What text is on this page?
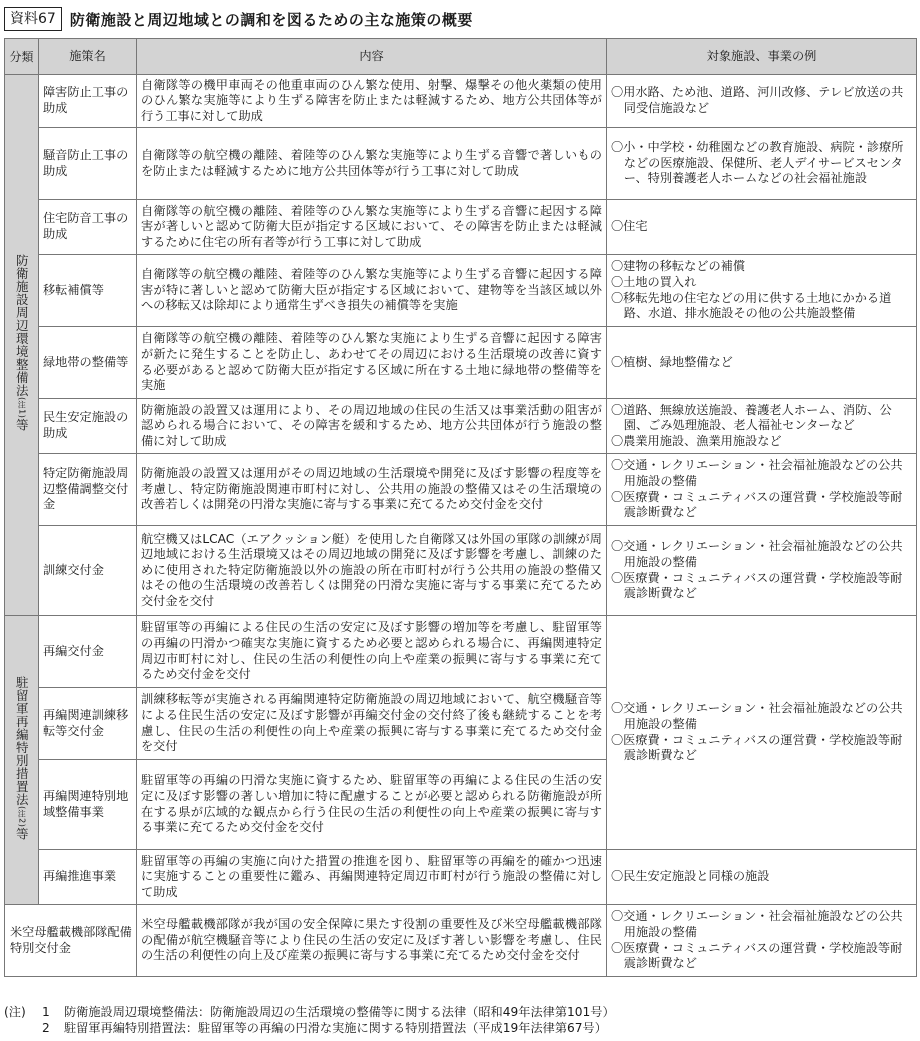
資料67 防衛施設と周辺地域との調和を図るための主な施策の概要
分類	施策名	内容	対象施設、事業の例
防衛施設周辺環境整備法(注1)等	障害防止工事の助成	自衛隊等の機甲車両その他重車両のひん繁な使用、射撃、爆撃その他火薬類の使用のひん繁な実施等により生ずる障害を防止または軽減するため、地方公共団体等が行う工事に対して助成	〇用水路、ため池、道路、河川改修、テレビ放送の共同受信施設など

	騒音防止工事の助成	自衛隊等の航空機の離陸、着陸等のひん繁な実施等により生ずる音響で著しいものを防止または軽減するために地方公共団体等が行う工事に対して助成	〇小・中学校・幼稚園などの教育施設、病院・診療所などの医療施設、保健所、老人デイサービスセンター、特別養護老人ホームなどの社会福祉施設

	住宅防音工事の助成	自衛隊等の航空機の離陸、着陸等のひん繁な実施等により生ずる音響に起因する障害が著しいと認めて防衛大臣が指定する区域において、その障害を防止または軽減するために住宅の所有者等が行う工事に対して助成	〇住宅

	移転補償等	自衛隊等の航空機の離陸、着陸等のひん繁な実施等により生ずる音響に起因する障害が特に著しいと認めて防衛大臣が指定する区域において、建物等を当該区域以外への移転又は除却により通常生ずべき損失の補償等を実施	〇建物の移転などの補償
〇土地の買入れ
〇移転先地の住宅などの用に供する土地にかかる道路、水道、排水施設その他の公共施設整備

	緑地帯の整備等	自衛隊等の航空機の離陸、着陸等のひん繁な実施により生ずる音響に起因する障害が新たに発生することを防止し、あわせてその周辺における生活環境の改善に資する必要があると認めて防衛大臣が指定する区域に所在する土地に緑地帯の整備等を実施	〇植樹、緑地整備など

	民生安定施設の助成	防衛施設の設置又は運用により、その周辺地域の住民の生活又は事業活動の阻害が認められる場合において、その障害を緩和するため、地方公共団体が行う施設の整備に対して助成	〇道路、無線放送施設、養護老人ホーム、消防、公園、ごみ処理施設、老人福祉センターなど
〇農業用施設、漁業用施設など

	特定防衛施設周辺整備調整交付金	防衛施設の設置又は運用がその周辺地域の生活環境や開発に及ぼす影響の程度等を考慮し、特定防衛施設関連市町村に対し、公共用の施設の整備又はその生活環境の改善若しくは開発の円滑な実施に寄与する事業に充てるため交付金を交付	〇交通・レクリエーション・社会福祉施設などの公共用施設の整備
〇医療費・コミュニティバスの運営費・学校施設等耐震診断費など

	訓練交付金	航空機又はLCAC（エアクッション艇）を使用した自衛隊又は外国の軍隊の訓練が周辺地域における生活環境又はその周辺地域の開発に及ぼす影響を考慮し、訓練のために使用された特定防衛施設以外の施設の所在市町村が行う公共用の施設の整備又はその他の生活環境の改善若しくは開発の円滑な実施に寄与する事業に充てるため交付金を交付	〇交通・レクリエーション・社会福祉施設などの公共用施設の整備
〇医療費・コミュニティバスの運営費・学校施設等耐震診断費など

駐留軍再編特別措置法(注2)等	再編交付金	駐留軍等の再編による住民の生活の安定に及ぼす影響の増加等を考慮し、駐留軍等の再編の円滑かつ確実な実施に資するため必要と認められる場合に、再編関連特定周辺市町村に対し、住民の生活の利便性の向上や産業の振興に寄与する事業に充てるため交付金を交付	〇交通・レクリエーション・社会福祉施設などの公共用施設の整備
〇医療費・コミュニティバスの運営費・学校施設等耐震診断費など

	再編関連訓練移転等交付金	訓練移転等が実施される再編関連特定防衛施設の周辺地域において、航空機騒音等による住民生活の安定に及ぼす影響が再編交付金の交付終了後も継続することを考慮し、住民の生活の利便性の向上や産業の振興に寄与する事業に充てるため交付金を交付	
	再編関連特別地域整備事業	駐留軍等の再編の円滑な実施に資するため、駐留軍等の再編による住民の生活の安定に及ぼす影響の著しい増加に特に配慮することが必要と認められる防衛施設が所在する県が広域的な観点から行う住民の生活の利便性の向上や産業の振興に寄与する事業に充てるため交付金を交付	
	再編推進事業	駐留軍等の再編の実施に向けた措置の推進を図り、駐留軍等の再編を的確かつ迅速に実施することの重要性に鑑み、再編関連特定周辺市町村が行う施設の整備に対して助成	〇民生安定施設と同様の施設

米空母艦載機部隊配備特別交付金		米空母艦載機部隊が我が国の安全保障に果たす役割の重要性及び米空母艦載機部隊の配備が航空機騒音等により住民の生活の安定に及ぼす著しい影響を考慮し、住民の生活の利便性の向上及び産業の振興に寄与する事業に充てるため交付金を交付	〇交通・レクリエーション・社会福祉施設などの公共用施設の整備
〇医療費・コミュニティバスの運営費・学校施設等耐震診断費など
(注)	1	防衛施設周辺環境整備法：防衛施設周辺の生活環境の整備等に関する法律（昭和49年法律第101号）
2	駐留軍再編特別措置法：駐留軍等の再編の円滑な実施に関する特別措置法（平成19年法律第67号）
